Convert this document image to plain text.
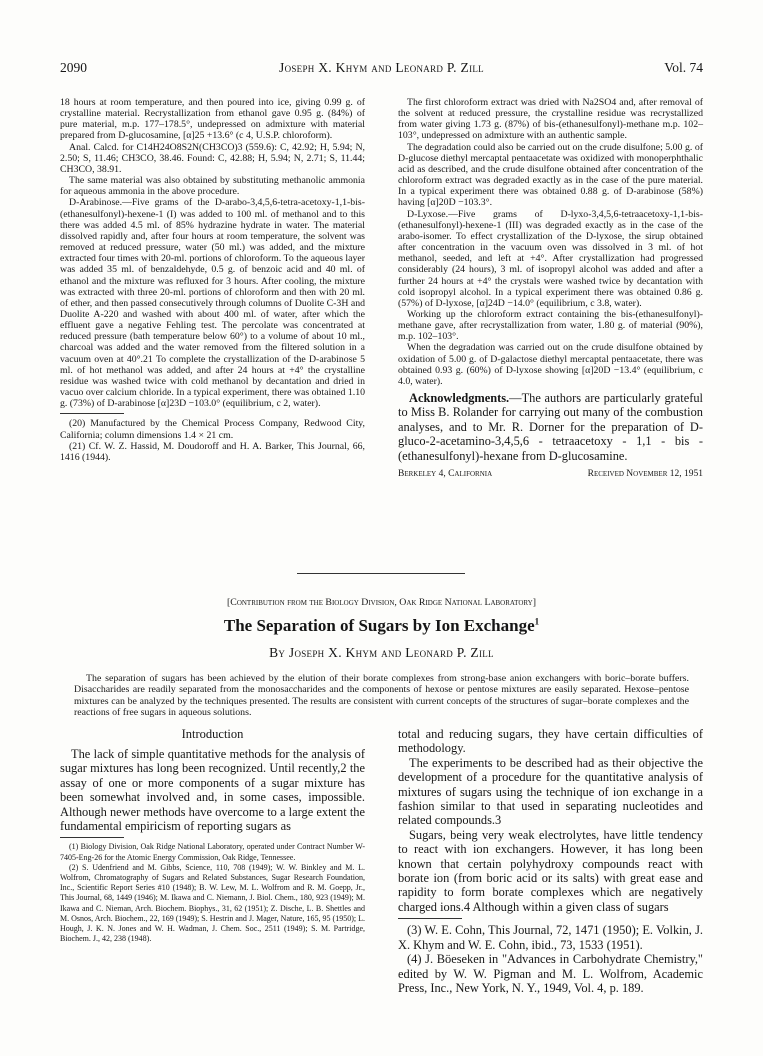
2090	Joseph X. Khym and Leonard P. Zill	Vol. 74

18 hours at room temperature, and then poured into ice, giving 0.99 g. of crystalline material. Recrystallization from ethanol gave 0.95 g. (84%) of pure material, m.p. 177–178.5°, undepressed on admixture with material prepared from D-glucosamine, [α]25 +13.6° (c 4, U.S.P. chloroform).

Anal. Calcd. for C14H24O8S2N(CH3CO)3 (559.6): C, 42.92; H, 5.94; N, 2.50; S, 11.46; CH3CO, 38.46. Found: C, 42.88; H, 5.94; N, 2.71; S, 11.44; CH3CO, 38.91.

The same material was also obtained by substituting methanolic ammonia for aqueous ammonia in the above procedure.

D-Arabinose.—Five grams of the D-arabo-3,4,5,6-tetra-acetoxy-1,1-bis-(ethanesulfonyl)-hexene-1 (I) was added to 100 ml. of methanol and to this there was added 4.5 ml. of 85% hydrazine hydrate in water. The material dissolved rapidly and, after four hours at room temperature, the solvent was removed at reduced pressure, water (50 ml.) was added, and the mixture extracted four times with 20-ml. portions of chloroform. To the aqueous layer was added 35 ml. of benzaldehyde, 0.5 g. of benzoic acid and 40 ml. of ethanol and the mixture was refluxed for 3 hours. After cooling, the mixture was extracted with three 20-ml. portions of chloroform and then with 20 ml. of ether, and then passed consecutively through columns of Duolite C-3H and Duolite A-220 and washed with about 400 ml. of water, after which the effluent gave a negative Fehling test. The percolate was concentrated at reduced pressure (bath temperature below 60°) to a volume of about 10 ml., charcoal was added and the water removed from the filtered solution in a vacuum oven at 40°.21 To complete the crystallization of the D-arabinose 5 ml. of hot methanol was added, and after 24 hours at +4° the crystalline residue was washed twice with cold methanol by decantation and dried in vacuo over calcium chloride. In a typical experiment, there was obtained 1.10 g. (73%) of D-arabinose [α]23D −103.0° (equilibrium, c 2, water).

(20) Manufactured by the Chemical Process Company, Redwood City, California; column dimensions 1.4 × 21 cm.

(21) Cf. W. Z. Hassid, M. Doudoroff and H. A. Barker, This Journal, 66, 1416 (1944).

The first chloroform extract was dried with Na2SO4 and, after removal of the solvent at reduced pressure, the crystalline residue was recrystallized from water giving 1.73 g. (87%) of bis-(ethanesulfonyl)-methane m.p. 102–103°, undepressed on admixture with an authentic sample.

The degradation could also be carried out on the crude disulfone; 5.00 g. of D-glucose diethyl mercaptal pentaacetate was oxidized with monoperphthalic acid as described, and the crude disulfone obtained after concentration of the chloroform extract was degraded exactly as in the case of the pure material. In a typical experiment there was obtained 0.88 g. of D-arabinose (58%) having [α]20D −103.3°.

D-Lyxose.—Five grams of D-lyxo-3,4,5,6-tetraacetoxy-1,1-bis-(ethanesulfonyl)-hexene-1 (III) was degraded exactly as in the case of the arabo-isomer. To effect crystallization of the D-lyxose, the sirup obtained after concentration in the vacuum oven was dissolved in 3 ml. of hot methanol, seeded, and left at +4°. After crystallization had progressed considerably (24 hours), 3 ml. of isopropyl alcohol was added and after a further 24 hours at +4° the crystals were washed twice by decantation with cold isopropyl alcohol. In a typical experiment there was obtained 0.86 g. (57%) of D-lyxose, [α]24D −14.0° (equilibrium, c 3.8, water).

Working up the chloroform extract containing the bis-(ethanesulfonyl)-methane gave, after recrystallization from water, 1.80 g. of material (90%), m.p. 102–103°.

When the degradation was carried out on the crude disulfone obtained by oxidation of 5.00 g. of D-galactose diethyl mercaptal pentaacetate, there was obtained 0.93 g. (60%) of D-lyxose showing [α]20D −13.4° (equilibrium, c 4.0, water).

Acknowledgments.—The authors are particularly grateful to Miss B. Rolander for carrying out many of the combustion analyses, and to Mr. R. Dorner for the preparation of D-gluco-2-acetamino-3,4,5,6 - tetraacetoxy - 1,1 - bis - (ethanesulfonyl)-hexane from D-glucosamine.

Berkeley 4, California	Received November 12, 1951
[Contribution from the Biology Division, Oak Ridge National Laboratory]
The Separation of Sugars by Ion Exchange$^1$
By Joseph X. Khym and Leonard P. Zill

The separation of sugars has been achieved by the elution of their borate complexes from strong-base anion exchangers with boric–borate buffers. Disaccharides are readily separated from the monosaccharides and the components of hexose or pentose mixtures are easily separated. Hexose–pentose mixtures can be analyzed by the techniques presented. The results are consistent with current concepts of the structures of sugar–borate complexes and the reactions of free sugars in aqueous solutions.

Introduction

The lack of simple quantitative methods for the analysis of sugar mixtures has long been recognized. Until recently,2 the assay of one or more components of a sugar mixture has been somewhat involved and, in some cases, impossible. Although newer methods have overcome to a large extent the fundamental empiricism of reporting sugars as

(1) Biology Division, Oak Ridge National Laboratory, operated under Contract Number W-7405-Eng-26 for the Atomic Energy Commission, Oak Ridge, Tennessee.

(2) S. Udenfriend and M. Gibbs, Science, 110, 708 (1949); W. W. Binkley and M. L. Wolfrom, Chromatography of Sugars and Related Substances, Sugar Research Foundation, Inc., Scientific Report Series #10 (1948); B. W. Lew, M. L. Wolfrom and R. M. Goepp, Jr., This Journal, 68, 1449 (1946); M. Ikawa and C. Niemann, J. Biol. Chem., 180, 923 (1949); M. Ikawa and C. Nieman, Arch. Biochem. Biophys., 31, 62 (1951); Z. Dische, L. B. Shettles and M. Osnos, Arch. Biochem., 22, 169 (1949); S. Hestrin and J. Mager, Nature, 165, 95 (1950); L. Hough, J. K. N. Jones and W. H. Wadman, J. Chem. Soc., 2511 (1949); S. M. Partridge, Biochem. J., 42, 238 (1948).

total and reducing sugars, they have certain difficulties of methodology.

The experiments to be described had as their objective the development of a procedure for the quantitative analysis of mixtures of sugars using the technique of ion exchange in a fashion similar to that used in separating nucleotides and related compounds.3

Sugars, being very weak electrolytes, have little tendency to react with ion exchangers. However, it has long been known that certain polyhydroxy compounds react with borate ion (from boric acid or its salts) with great ease and rapidity to form borate complexes which are negatively charged ions.4 Although within a given class of sugars

(3) W. E. Cohn, This Journal, 72, 1471 (1950); E. Volkin, J. X. Khym and W. E. Cohn, ibid., 73, 1533 (1951).

(4) J. Böeseken in "Advances in Carbohydrate Chemistry," edited by W. W. Pigman and M. L. Wolfrom, Academic Press, Inc., New York, N. Y., 1949, Vol. 4, p. 189.
